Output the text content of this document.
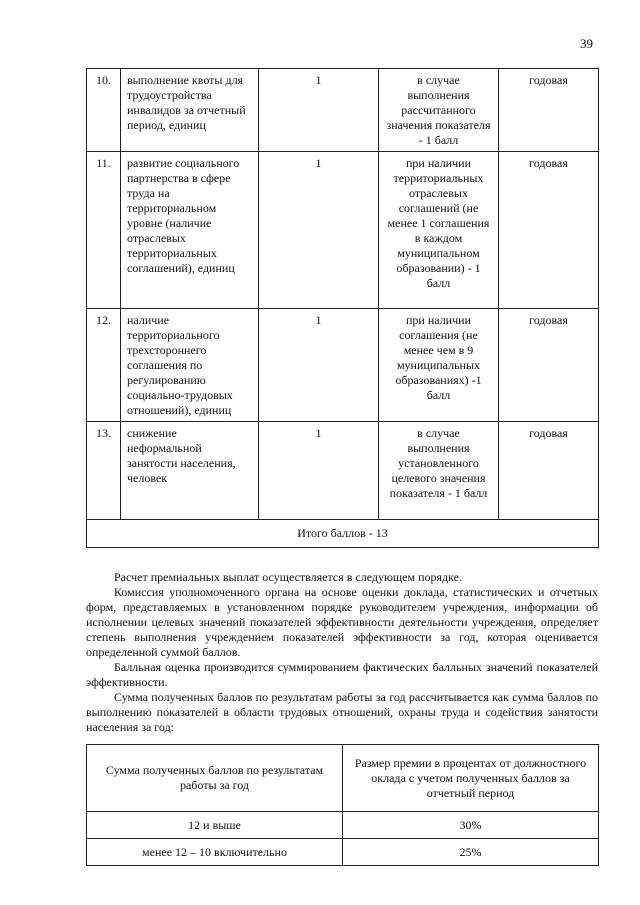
39
10.	выполнение квоты для трудоустройства инвалидов за отчетный период, единиц	1	в случае выполнения рассчитанного значения показателя - 1 балл	годовая
11.	развитие социального партнерства в сфере труда на территориальном уровне (наличие отраслевых территориальных соглашений), единиц	1	при наличии территориальных отраслевых соглашений (не менее 1 соглашения в каждом муниципальном образовании) - 1 балл	годовая
12.	наличие территориального трехстороннего соглашения по регулированию социально-трудовых отношений), единиц	1	при наличии соглашения (не менее чем в 9 муниципальных образованиях) -1 балл	годовая
13.	снижение неформальной занятости населения, человек	1	в случае выполнения установленного целевого значения показателя - 1 балл	годовая
Итого баллов - 13				
Расчет премиальных выплат осуществляется в следующем порядке.
Комиссия уполномоченного органа на основе оценки доклада, статистических и отчетных форм, представляемых в установленном порядке руководителем учреждения, информации об исполнении целевых значений показателей эффективности деятельности учреждения, определяет степень выполнения учреждением показателей эффективности за год, которая оценивается определенной суммой баллов.
Балльная оценка производится суммированием фактических балльных значений показателей эффективности.
Сумма полученных баллов по результатам работы за год рассчитывается как сумма баллов по выполнению показателей в области трудовых отношений, охраны труда и содействия занятости населения за год:
Сумма полученных баллов по результатам работы за год	Размер премии в процентах от должностного оклада с учетом полученных баллов за отчетный период
12 и выше	30%
менее 12 – 10 включительно	25%
